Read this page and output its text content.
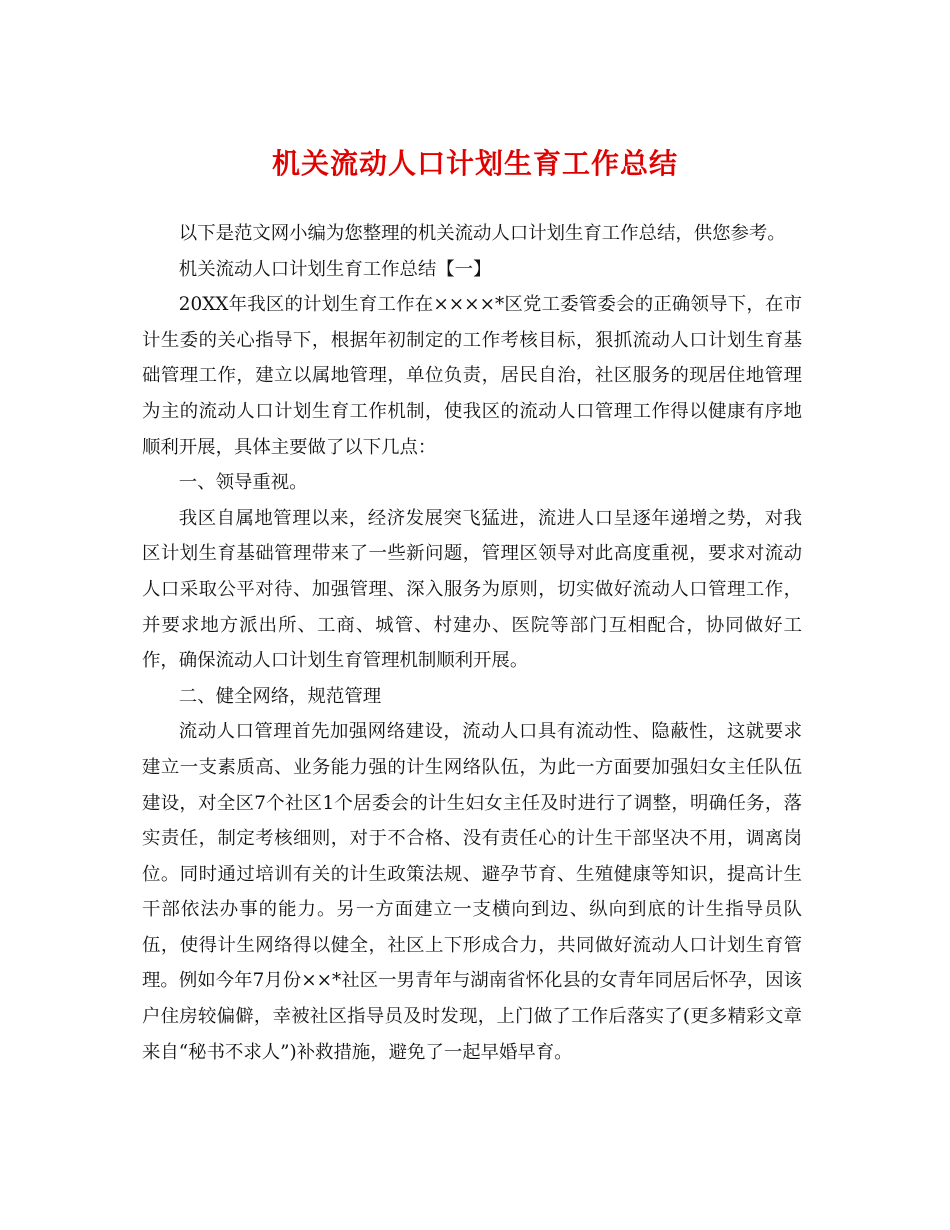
机关流动人口计划生育工作总结

以下是范文网小编为您整理的机关流动人口计划生育工作总结，供您参考。

机关流动人口计划生育工作总结【一】

20XX年我区的计划生育工作在××××*区党工委管委会的正确领导下，在市计生委的关心指导下，根据年初制定的工作考核目标，狠抓流动人口计划生育基础管理工作，建立以属地管理，单位负责，居民自治，社区服务的现居住地管理为主的流动人口计划生育工作机制，使我区的流动人口管理工作得以健康有序地顺利开展，具体主要做了以下几点：

一、领导重视。

我区自属地管理以来，经济发展突飞猛进，流进人口呈逐年递增之势，对我区计划生育基础管理带来了一些新问题，管理区领导对此高度重视，要求对流动人口采取公平对待、加强管理、深入服务为原则，切实做好流动人口管理工作，并要求地方派出所、工商、城管、村建办、医院等部门互相配合，协同做好工作，确保流动人口计划生育管理机制顺利开展。

二、健全网络，规范管理

流动人口管理首先加强网络建设，流动人口具有流动性、隐蔽性，这就要求建立一支素质高、业务能力强的计生网络队伍，为此一方面要加强妇女主任队伍建设，对全区7个社区1个居委会的计生妇女主任及时进行了调整，明确任务，落实责任，制定考核细则，对于不合格、没有责任心的计生干部坚决不用，调离岗位。同时通过培训有关的计生政策法规、避孕节育、生殖健康等知识，提高计生干部依法办事的能力。另一方面建立一支横向到边、纵向到底的计生指导员队伍，使得计生网络得以健全，社区上下形成合力，共同做好流动人口计划生育管理。例如今年7月份××*社区一男青年与湖南省怀化县的女青年同居后怀孕，因该户住房较偏僻，幸被社区指导员及时发现，上门做了工作后落实了(更多精彩文章来自“秘书不求人”)补救措施，避免了一起早婚早育。
